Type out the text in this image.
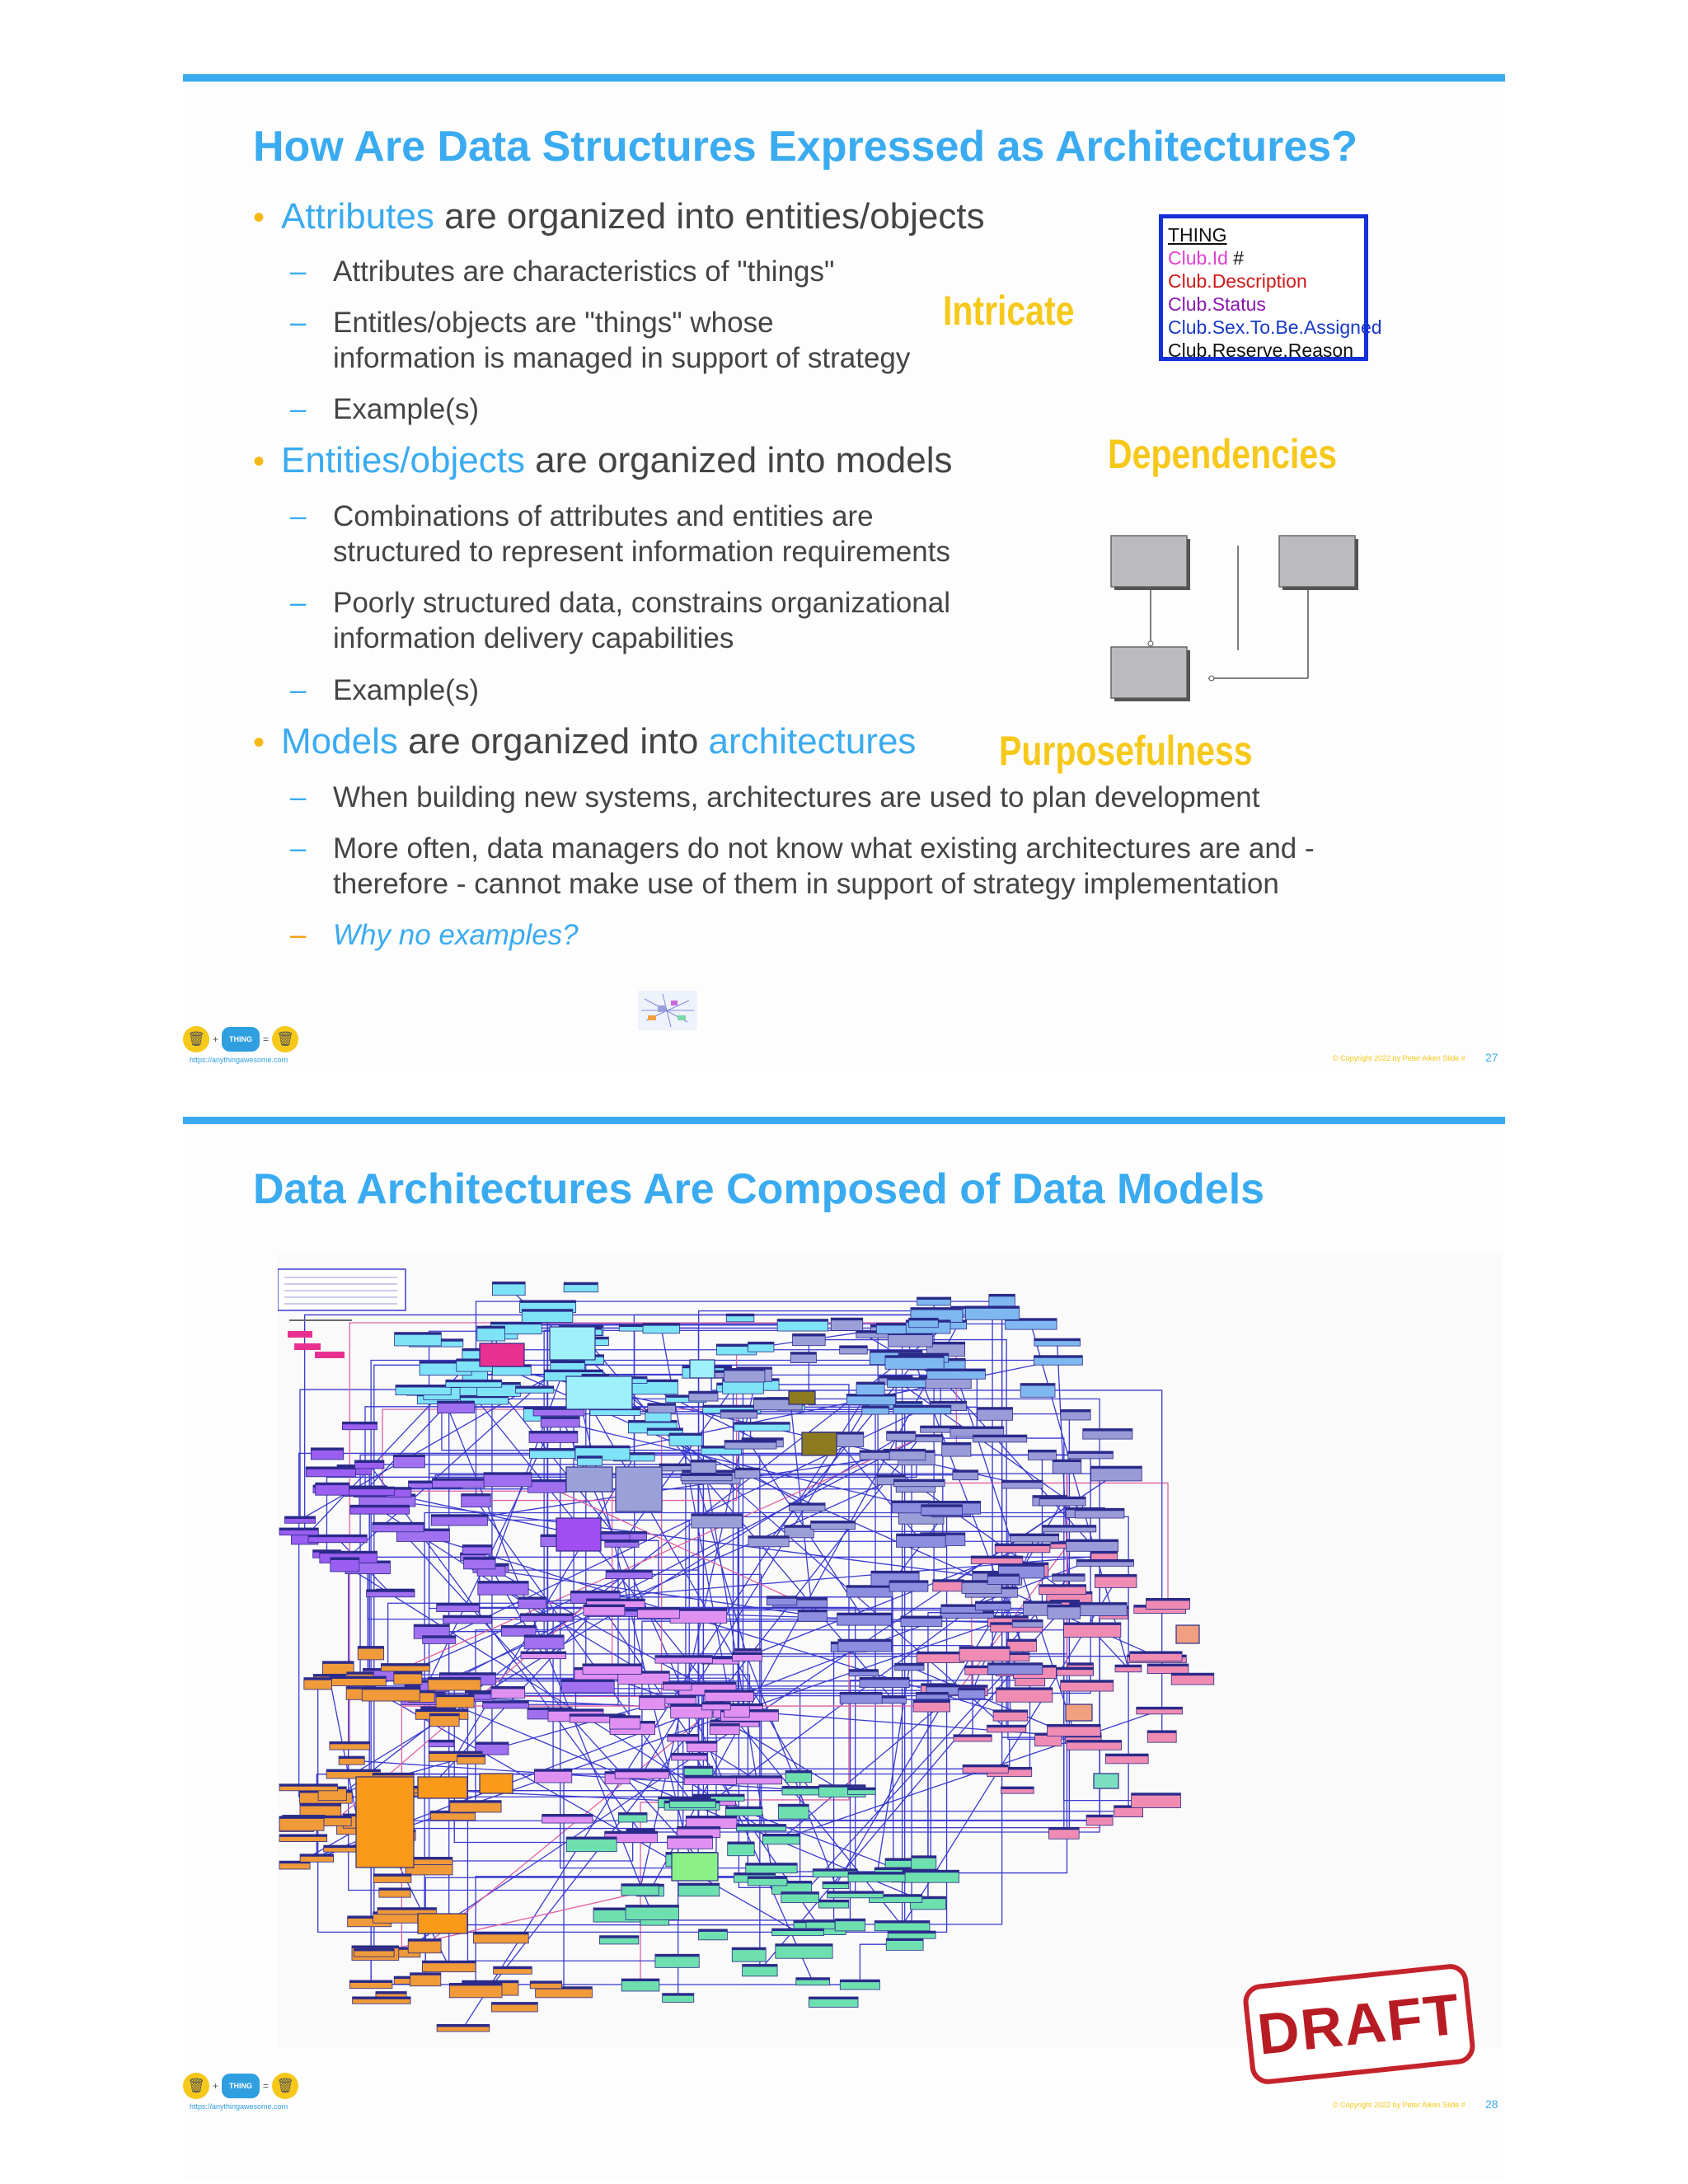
How Are Data Structures Expressed as Architectures?
• Attributes are organized into entities/objects
– Attributes are characteristics of "things"
– Entitles/objects are "things" whose
information is managed in support of strategy
– Example(s)
• Entities/objects are organized into models
– Combinations of attributes and entities are
structured to represent information requirements
– Poorly structured data, constrains organizational
information delivery capabilities
– Example(s)
• Models are organized into architectures
– When building new systems, architectures are used to plan development
– More often, data managers do not know what existing architectures are and -
therefore - cannot make use of them in support of strategy implementation
– Why no examples?
Intricate
Dependencies
Purposefulness
THING
Club.Id #
Club.Description
Club.Status
Club.Sex.To.Be.Assigned
Club.Reserve.Reason
🗑 +	THING	= 🗑
https://anythingawesome.com	© Copyright 2022 by Peter Aiken Slide # 27
Data Architectures Are Composed of Data Models
DRAFT
🗑 +	THING	= 🗑
https://anythingawesome.com	© Copyright 2022 by Peter Aiken Slide # 28
